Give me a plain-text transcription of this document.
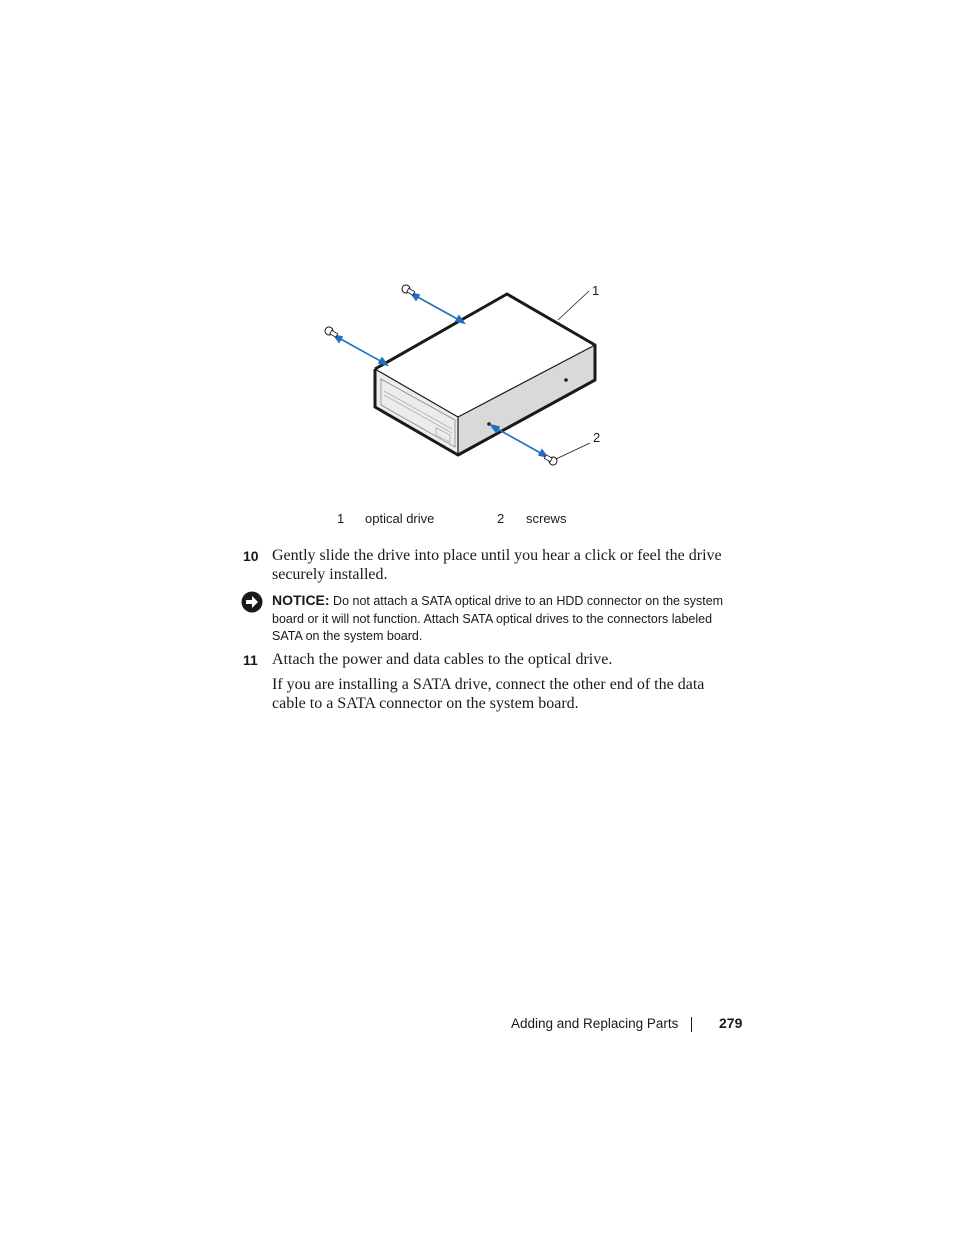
1
2
1 optical drive	2 screws
10 Gently slide the drive into place until you hear a click or feel the drive securely installed.
NOTICE: Do not attach a SATA optical drive to an HDD connector on the system board or it will not function. Attach SATA optical drives to the connectors labeled SATA on the system board.
11 Attach the power and data cables to the optical drive.
If you are installing a SATA drive, connect the other end of the data cable to a SATA connector on the system board.
Adding and Replacing Parts	279
